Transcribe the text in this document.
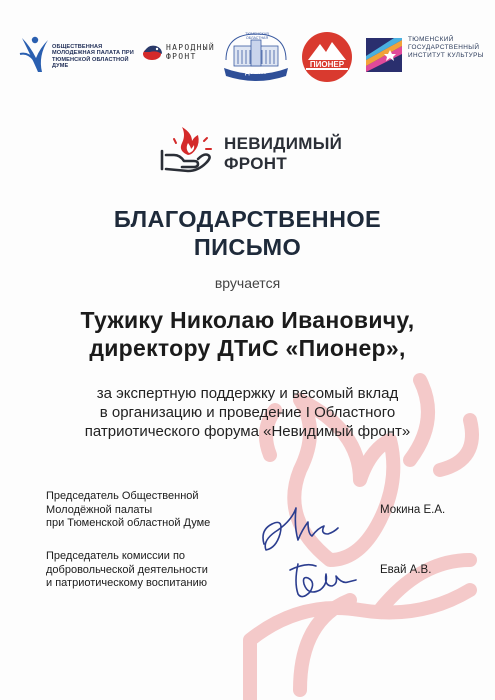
ОБЩЕСТВЕННАЯ МОЛОДЕЖНАЯ ПАЛАТА ПРИ ТЮМЕНСКОЙ ОБЛАСТНОЙ ДУМЕ
НАРОДНЫЙ ФРОНТ
ТЮМЕНСКАЯ ОБЛАСТНАЯ
ДУМА
ПИОНЕР
ТЮМЕНСКИЙ ГОСУДАРСТВЕННЫЙ ИНСТИТУТ КУЛЬТУРЫ
НЕВИДИМЫЙ
ФРОНТ
БЛАГОДАРСТВЕННОЕ
ПИСЬМО
вручается
Тужику Николаю Ивановичу,
директору ДТиС «Пионер»,
за экспертную поддержку и весомый вклад
в организацию и проведение I Областного
патриотического форума «Невидимый фронт»
Председатель Общественной
Молодёжной палаты
при Тюменской областной Думе
Мокина Е.А.
Председатель комиссии по
добровольческой деятельности
и патриотическому воспитанию
Евай А.В.
